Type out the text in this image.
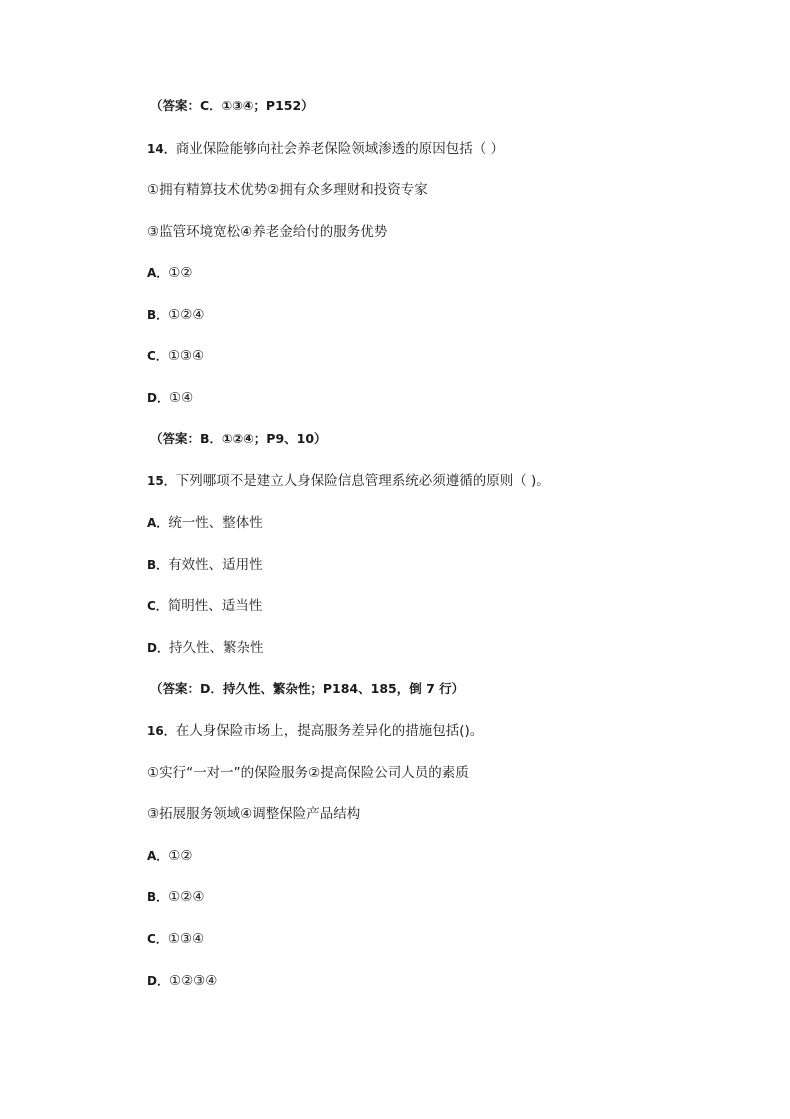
（答案：C．①③④；P152）
14．商业保险能够向社会养老保险领域渗透的原因包括（ ）
①拥有精算技术优势②拥有众多理财和投资专家
③监管环境宽松④养老金给付的服务优势
A．①②
B．①②④
C．①③④
D．①④
（答案：B．①②④；P9、10）
15．下列哪项不是建立人身保险信息管理系统必须遵循的原则（ )。
A．统一性、整体性
B．有效性、适用性
C．简明性、适当性
D．持久性、繁杂性
（答案：D．持久性、繁杂性；P184、185，倒 7 行）
16．在人身保险市场上，提高服务差异化的措施包括()。
①实行“一对一”的保险服务②提高保险公司人员的素质
③拓展服务领域④调整保险产品结构
A．①②
B．①②④
C．①③④
D．①②③④
